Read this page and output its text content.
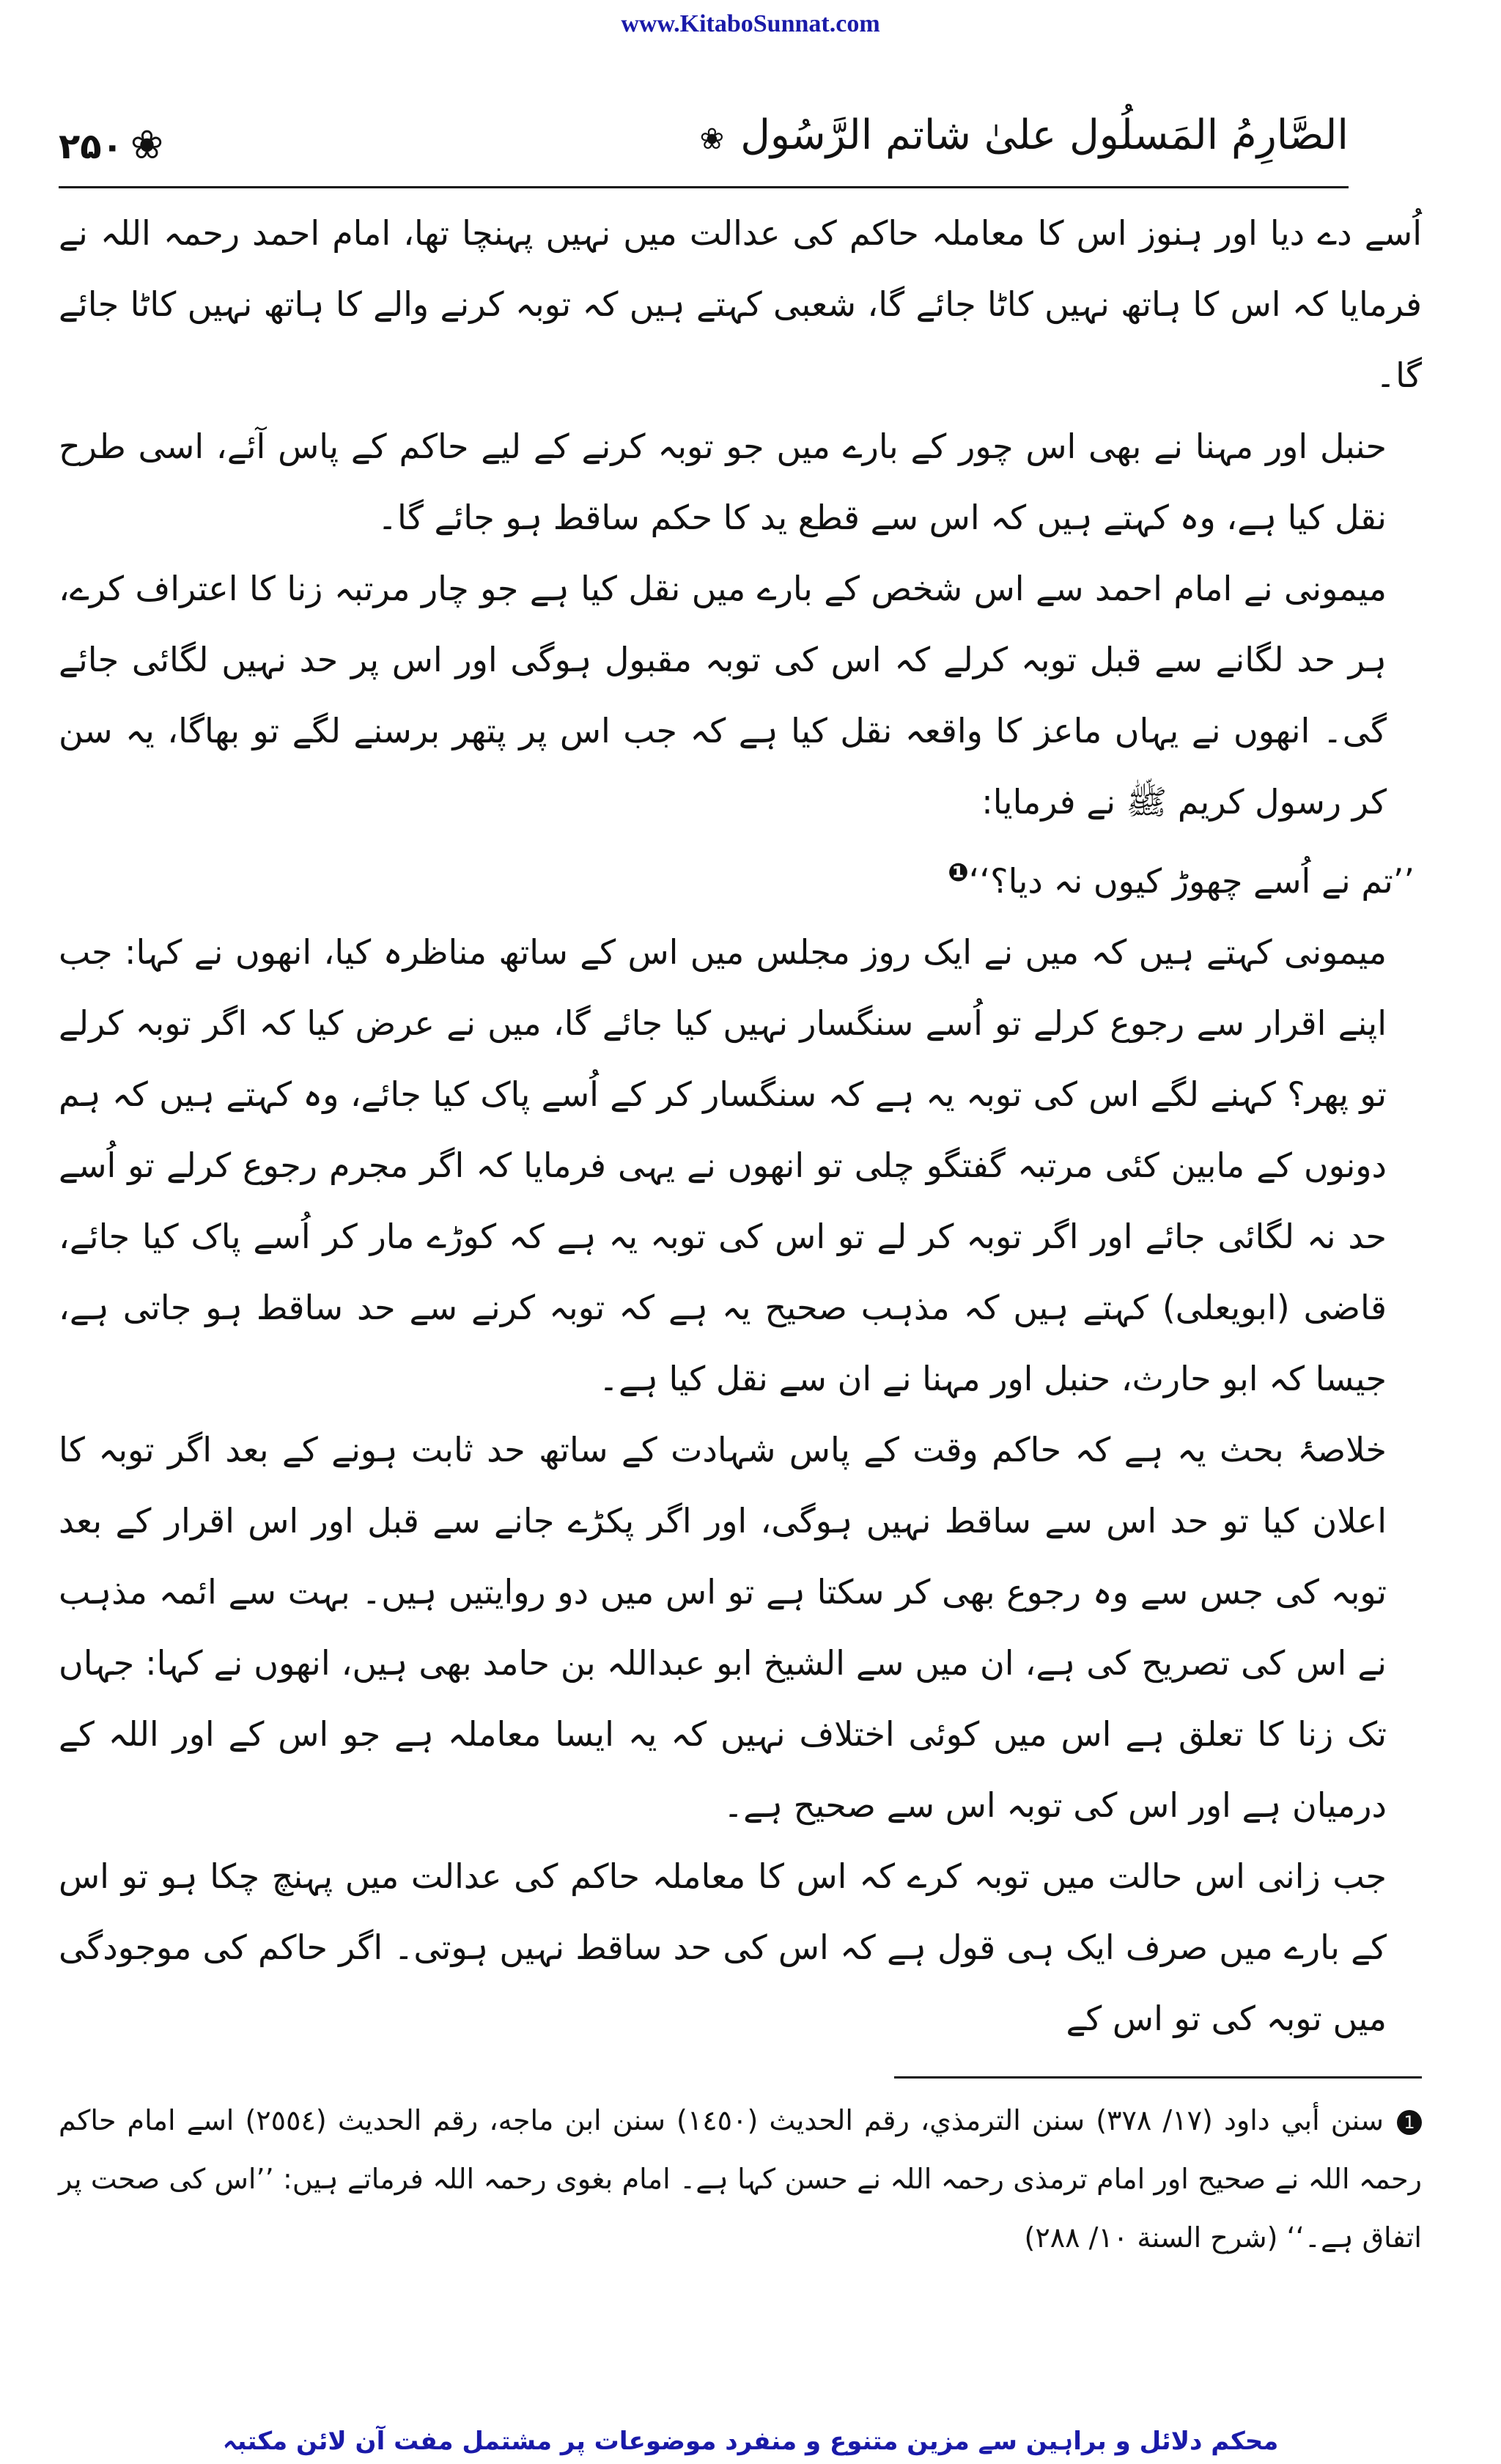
www.KitaboSunnat.com
۲۵۰ ❀	الصَّارِمُ المَسلُول علىٰ شاتم الرَّسُول❀

اُسے دے دیا اور ہنوز اس کا معاملہ حاکم کی عدالت میں نہیں پہنچا تھا، امام احمد رحمہ اللہ نے فرمایا کہ اس کا ہاتھ نہیں کاٹا جائے گا، شعبی کہتے ہیں کہ توبہ کرنے والے کا ہاتھ نہیں کاٹا جائے گا۔

حنبل اور مہنا نے بھی اس چور کے بارے میں جو توبہ کرنے کے لیے حاکم کے پاس آئے، اسی طرح نقل کیا ہے، وہ کہتے ہیں کہ اس سے قطع ید کا حکم ساقط ہو جائے گا۔

میمونی نے امام احمد سے اس شخص کے بارے میں نقل کیا ہے جو چار مرتبہ زنا کا اعتراف کرے، ہر حد لگانے سے قبل توبہ کرلے کہ اس کی توبہ مقبول ہوگی اور اس پر حد نہیں لگائی جائے گی۔ انھوں نے یہاں ماعز کا واقعہ نقل کیا ہے کہ جب اس پر پتھر برسنے لگے تو بھاگا، یہ سن کر رسول کریم ﷺ نے فرمایا:

’’تم نے اُسے چھوڑ کیوں نہ دیا؟‘‘$^❶$

میمونی کہتے ہیں کہ میں نے ایک روز مجلس میں اس کے ساتھ مناظرہ کیا، انھوں نے کہا: جب اپنے اقرار سے رجوع کرلے تو اُسے سنگسار نہیں کیا جائے گا، میں نے عرض کیا کہ اگر توبہ کرلے تو پھر؟ کہنے لگے اس کی توبہ یہ ہے کہ سنگسار کر کے اُسے پاک کیا جائے، وہ کہتے ہیں کہ ہم دونوں کے مابین کئی مرتبہ گفتگو چلی تو انھوں نے یہی فرمایا کہ اگر مجرم رجوع کرلے تو اُسے حد نہ لگائی جائے اور اگر توبہ کر لے تو اس کی توبہ یہ ہے کہ کوڑے مار کر اُسے پاک کیا جائے، قاضی (ابویعلی) کہتے ہیں کہ مذہب صحیح یہ ہے کہ توبہ کرنے سے حد ساقط ہو جاتی ہے، جیسا کہ ابو حارث، حنبل اور مہنا نے ان سے نقل کیا ہے۔

خلاصۂ بحث یہ ہے کہ حاکم وقت کے پاس شہادت کے ساتھ حد ثابت ہونے کے بعد اگر توبہ کا اعلان کیا تو حد اس سے ساقط نہیں ہوگی، اور اگر پکڑے جانے سے قبل اور اس اقرار کے بعد توبہ کی جس سے وہ رجوع بھی کر سکتا ہے تو اس میں دو روایتیں ہیں۔ بہت سے ائمہ مذہب نے اس کی تصریح کی ہے، ان میں سے الشیخ ابو عبداللہ بن حامد بھی ہیں، انھوں نے کہا: جہاں تک زنا کا تعلق ہے اس میں کوئی اختلاف نہیں کہ یہ ایسا معاملہ ہے جو اس کے اور اللہ کے درمیان ہے اور اس کی توبہ اس سے صحیح ہے۔

جب زانی اس حالت میں توبہ کرے کہ اس کا معاملہ حاکم کی عدالت میں پہنچ چکا ہو تو اس کے بارے میں صرف ایک ہی قول ہے کہ اس کی حد ساقط نہیں ہوتی۔ اگر حاکم کی موجودگی میں توبہ کی تو اس کے

1سنن أبي داود (١٧/ ٣٧٨) سنن الترمذي، رقم الحديث (١٤٥٠) سنن ابن ماجه، رقم الحديث (٢٥٥٤) اسے امام حاکم رحمہ اللہ نے صحیح اور امام ترمذی رحمہ اللہ نے حسن کہا ہے۔ امام بغوی رحمہ اللہ فرماتے ہیں: ’’اس کی صحت پر اتفاق ہے۔‘‘ (شرح السنة ١٠/ ٢٨٨)

محکم دلائل و براہین سے مزین متنوع و منفرد موضوعات پر مشتمل مفت آن لائن مکتبہ
